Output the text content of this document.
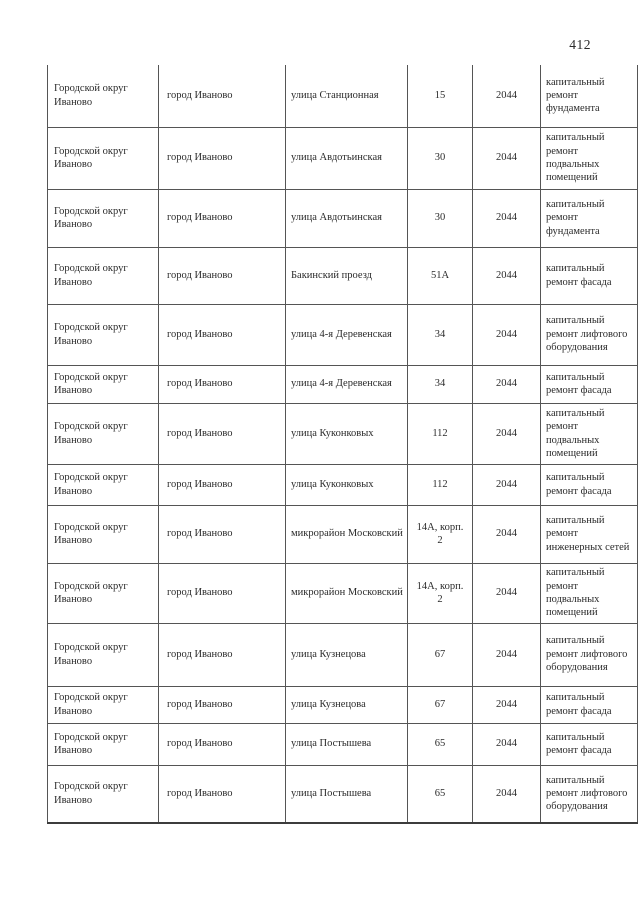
412
Городской округ Иваново	город Иваново	улица Станционная	15	2044	капитальный ремонт фундамента
Городской округ Иваново	город Иваново	улица Авдотьинская	30	2044	капитальный ремонт подвальных помещений
Городской округ Иваново	город Иваново	улица Авдотьинская	30	2044	капитальный ремонт фундамента
Городской округ Иваново	город Иваново	Бакинский проезд	51А	2044	капитальный ремонт фасада
Городской округ Иваново	город Иваново	улица 4-я Деревенская	34	2044	капитальный ремонт лифтового оборудования
Городской округ Иваново	город Иваново	улица 4-я Деревенская	34	2044	капитальный ремонт фасада
Городской округ Иваново	город Иваново	улица Куконковых	112	2044	капитальный ремонт подвальных помещений
Городской округ Иваново	город Иваново	улица Куконковых	112	2044	капитальный ремонт фасада
Городской округ Иваново	город Иваново	микрорайон Московский	14А, корп. 2	2044	капитальный ремонт инженерных сетей
Городской округ Иваново	город Иваново	микрорайон Московский	14А, корп. 2	2044	капитальный ремонт подвальных помещений
Городской округ Иваново	город Иваново	улица Кузнецова	67	2044	капитальный ремонт лифтового оборудования
Городской округ Иваново	город Иваново	улица Кузнецова	67	2044	капитальный ремонт фасада
Городской округ Иваново	город Иваново	улица Постышева	65	2044	капитальный ремонт фасада
Городской округ Иваново	город Иваново	улица Постышева	65	2044	капитальный ремонт лифтового оборудования
